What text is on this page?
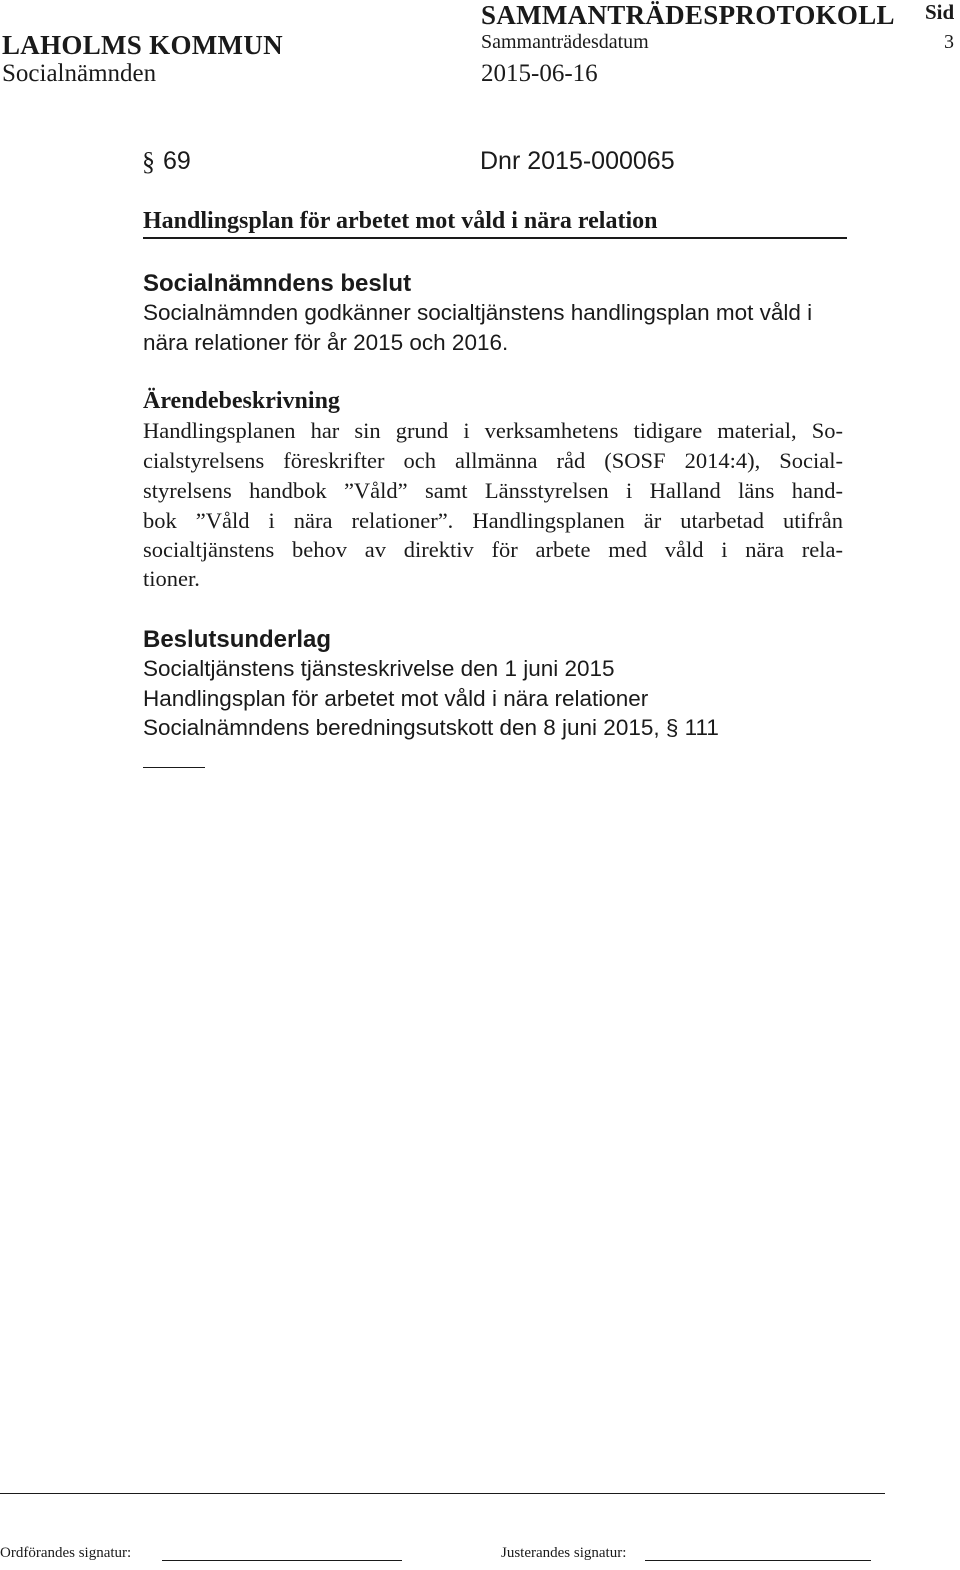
SAMMANTRÄDESPROTOKOLL Sid
LAHOLMS KOMMUN	Sammanträdesdatum	3
Socialnämnden	2015-06-16
§ 69	Dnr 2015-000065
Handlingsplan för arbetet mot våld i nära relation
Socialnämndens beslut
Socialnämnden godkänner socialtjänstens handlingsplan mot våld i
nära relationer för år 2015 och 2016.
Ärendebeskrivning
Handlingsplanen har sin grund i verksamhetens tidigare material, So-
cialstyrelsens föreskrifter och allmänna råd (SOSF 2014:4), Social-
styrelsens handbok ”Våld” samt Länsstyrelsen i Halland läns hand-
bok ”Våld i nära relationer”. Handlingsplanen är utarbetad utifrån
socialtjänstens behov av direktiv för arbete med våld i nära rela-
tioner.
Beslutsunderlag
Socialtjänstens tjänsteskrivelse den 1 juni 2015
Handlingsplan för arbetet mot våld i nära relationer
Socialnämndens beredningsutskott den 8 juni 2015, § 111
Ordförandes signatur:	Justerandes signatur:
